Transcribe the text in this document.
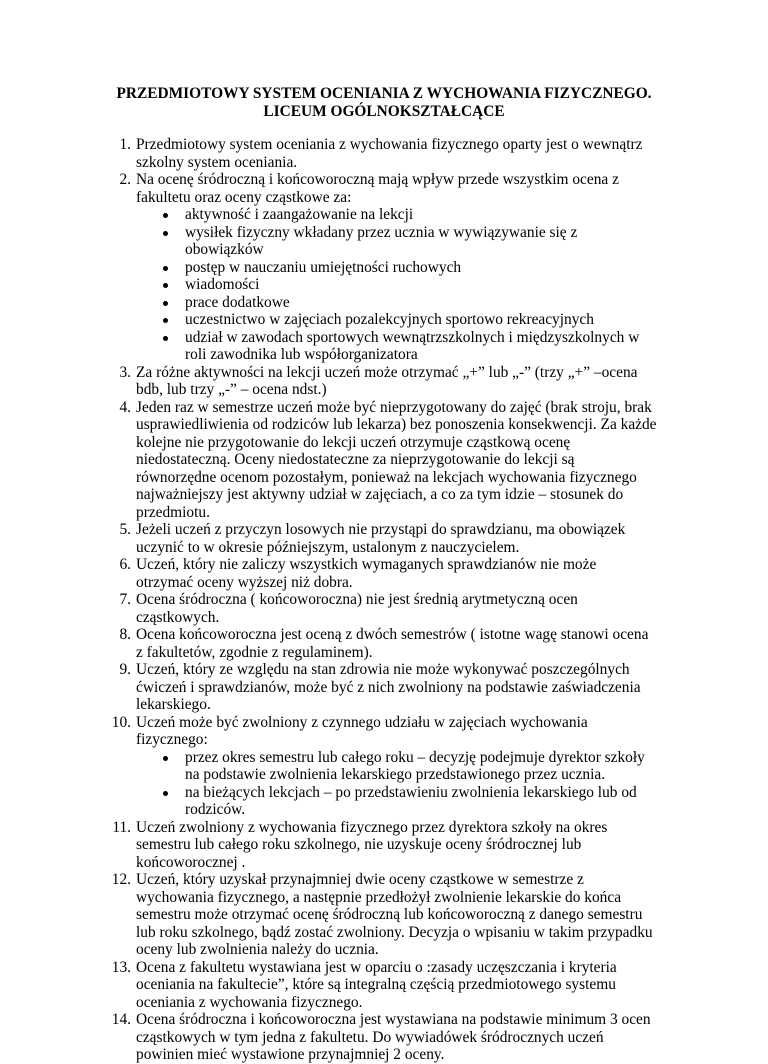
PRZEDMIOTOWY SYSTEM OCENIANIA Z WYCHOWANIA FIZYCZNEGO.
LICEUM OGÓLNOKSZTAŁCĄCE
1. Przedmiotowy system oceniania z wychowania fizycznego oparty jest o wewnątrz szkolny system oceniania.
2. Na ocenę śródroczną i końcoworoczną mają wpływ przede wszystkim ocena z fakultetu oraz oceny cząstkowe za:
aktywność i zaangażowanie na lekcji
wysiłek fizyczny wkładany przez ucznia w wywiązywanie się z obowiązków
postęp w nauczaniu umiejętności ruchowych
wiadomości
prace dodatkowe
uczestnictwo w zajęciach pozalekcyjnych sportowo rekreacyjnych
udział w zawodach sportowych wewnątrzszkolnych i międzyszkolnych w roli zawodnika lub współorganizatora
3. Za różne aktywności na lekcji uczeń może otrzymać „+” lub „-” (trzy „+” –ocena bdb, lub trzy „-” – ocena ndst.)
4. Jeden raz w semestrze uczeń może być nieprzygotowany do zajęć (brak stroju, brak usprawiedliwienia od rodziców lub lekarza) bez ponoszenia konsekwencji. Za każde kolejne nie przygotowanie do lekcji uczeń otrzymuje cząstkową ocenę niedostateczną. Oceny niedostateczne za nieprzygotowanie do lekcji są równorzędne ocenom pozostałym, ponieważ na lekcjach wychowania fizycznego najważniejszy jest aktywny udział w zajęciach, a co za tym idzie – stosunek do przedmiotu.
5. Jeżeli uczeń z przyczyn losowych nie przystąpi do sprawdzianu, ma obowiązek uczynić to w okresie późniejszym, ustalonym z nauczycielem.
6. Uczeń, który nie zaliczy wszystkich wymaganych sprawdzianów nie może otrzymać oceny wyższej niż dobra.
7. Ocena śródroczna ( końcoworoczna) nie jest średnią arytmetyczną ocen cząstkowych.
8. Ocena końcoworoczna jest oceną z dwóch semestrów ( istotne wagę stanowi ocena z fakultetów, zgodnie z regulaminem).
9. Uczeń, który ze względu na stan zdrowia nie może wykonywać poszczególnych ćwiczeń i sprawdzianów, może być z nich zwolniony na podstawie zaświadczenia lekarskiego.
10. Uczeń może być zwolniony z czynnego udziału w zajęciach wychowania fizycznego:
przez okres semestru lub całego roku – decyzję podejmuje dyrektor szkoły na podstawie zwolnienia lekarskiego przedstawionego przez ucznia.
na bieżących lekcjach – po przedstawieniu zwolnienia lekarskiego lub od rodziców.
11. Uczeń zwolniony z wychowania fizycznego przez dyrektora szkoły na okres semestru lub całego roku szkolnego, nie uzyskuje oceny śródrocznej lub końcoworocznej .
12. Uczeń, który uzyskał przynajmniej dwie oceny cząstkowe w semestrze z wychowania fizycznego, a następnie przedłożył zwolnienie lekarskie do końca semestru może otrzymać ocenę śródroczną lub końcoworoczną z danego semestru lub roku szkolnego, bądź zostać zwolniony. Decyzja o wpisaniu w takim przypadku oceny lub zwolnienia należy do ucznia.
13. Ocena z fakultetu wystawiana jest w oparciu o :zasady uczęszczania i kryteria oceniania na fakultecie”, które są integralną częścią przedmiotowego systemu oceniania z wychowania fizycznego.
14. Ocena śródroczna i końcoworoczna jest wystawiana na podstawie minimum 3 ocen cząstkowych w tym jedna z fakultetu. Do wywiadówek śródrocznych uczeń powinien mieć wystawione przynajmniej 2 oceny.
